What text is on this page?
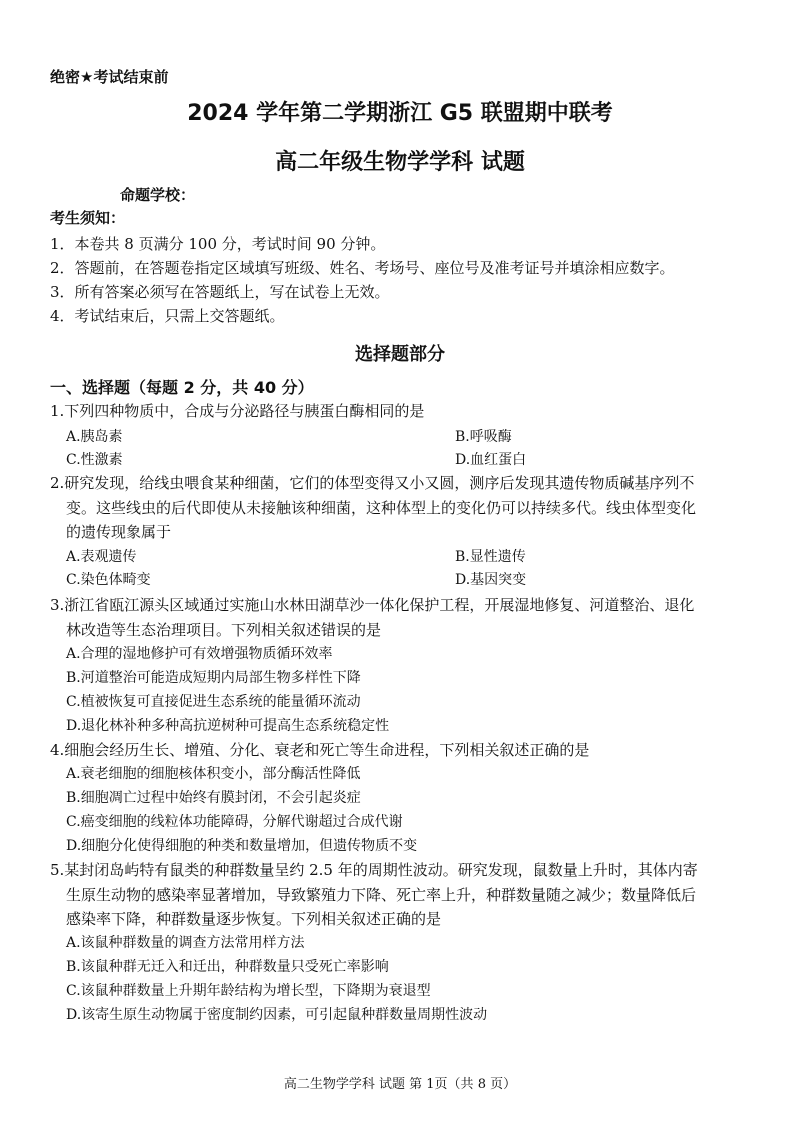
绝密★考试结束前
2024 学年第二学期浙江 G5 联盟期中联考
高二年级生物学学科 试题
命题学校：
考生须知：
1．本卷共 8 页满分 100 分，考试时间 90 分钟。
2．答题前，在答题卷指定区域填写班级、姓名、考场号、座位号及准考证号并填涂相应数字。
3．所有答案必须写在答题纸上，写在试卷上无效。
4．考试结束后，只需上交答题纸。
选择题部分
一、选择题（每题 2 分，共 40 分）
1.下列四种物质中，合成与分泌路径与胰蛋白酶相同的是
A.胰岛素	B.呼吸酶
C.性激素	D.血红蛋白
2.研究发现，给线虫喂食某种细菌，它们的体型变得又小又圆，测序后发现其遗传物质碱基序列不
变。这些线虫的后代即使从未接触该种细菌，这种体型上的变化仍可以持续多代。线虫体型变化
的遗传现象属于
A.表观遗传	B.显性遗传
C.染色体畸变	D.基因突变
3.浙江省瓯江源头区域通过实施山水林田湖草沙一体化保护工程，开展湿地修复、河道整治、退化
林改造等生态治理项目。下列相关叙述错误的是
A.合理的湿地修护可有效增强物质循环效率
B.河道整治可能造成短期内局部生物多样性下降
C.植被恢复可直接促进生态系统的能量循环流动
D.退化林补种多种高抗逆树种可提高生态系统稳定性
4.细胞会经历生长、增殖、分化、衰老和死亡等生命进程，下列相关叙述正确的是
A.衰老细胞的细胞核体积变小，部分酶活性降低
B.细胞凋亡过程中始终有膜封闭，不会引起炎症
C.癌变细胞的线粒体功能障碍，分解代谢超过合成代谢
D.细胞分化使得细胞的种类和数量增加，但遗传物质不变
5.某封闭岛屿特有鼠类的种群数量呈约 2.5 年的周期性波动。研究发现，鼠数量上升时，其体内寄
生原生动物的感染率显著增加，导致繁殖力下降、死亡率上升，种群数量随之减少；数量降低后
感染率下降，种群数量逐步恢复。下列相关叙述正确的是
A.该鼠种群数量的调查方法常用样方法
B.该鼠种群无迁入和迁出，种群数量只受死亡率影响
C.该鼠种群数量上升期年龄结构为增长型，下降期为衰退型
D.该寄生原生动物属于密度制约因素，可引起鼠种群数量周期性波动
高二生物学学科 试题 第 1页（共 8 页）
